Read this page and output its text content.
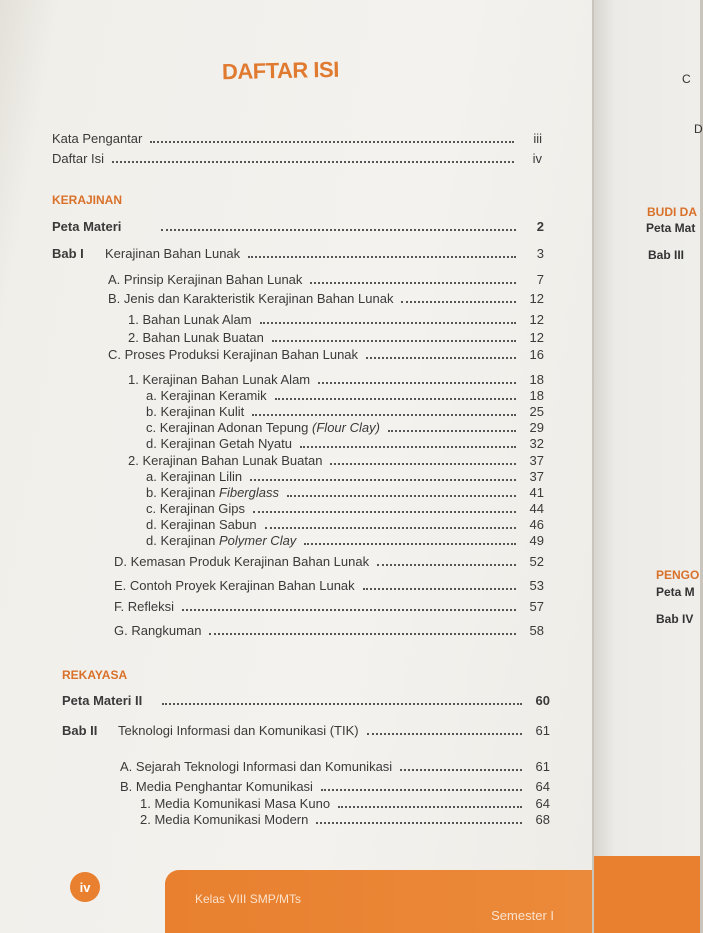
DAFTAR ISI
Kata Pengantar	iii
Daftar Isi	iv
KERAJINAN
Peta Materi	2
Bab I	Kerajinan Bahan Lunak	3
A. Prinsip Kerajinan Bahan Lunak	7
B. Jenis dan Karakteristik Kerajinan Bahan Lunak	12
1. Bahan Lunak Alam	12
2. Bahan Lunak Buatan	12
C. Proses Produksi Kerajinan Bahan Lunak	16
1. Kerajinan Bahan Lunak Alam	18
a. Kerajinan Keramik	18
b. Kerajinan Kulit	25
c. Kerajinan Adonan Tepung
(Flour Clay)	29
d. Kerajinan Getah Nyatu	32
2. Kerajinan Bahan Lunak Buatan	37
a. Kerajinan Lilin	37
b. Kerajinan
Fiberglass	41
c. Kerajinan Gips	44
d. Kerajinan Sabun	46
d. Kerajinan
Polymer Clay	49
D. Kemasan Produk Kerajinan Bahan Lunak	52
E. Contoh Proyek Kerajinan Bahan Lunak	53
F. Refleksi	57
G. Rangkuman	58
REKAYASA
Peta Materi II	60
Bab II	Teknologi Informasi dan Komunikasi (TIK)	61
A. Sejarah Teknologi Informasi dan Komunikasi	61
B. Media Penghantar Komunikasi	64
1. Media Komunikasi Masa Kuno	64
2. Media Komunikasi Modern	68
iv
Kelas VIII SMP/MTs
Semester I
C
D
BUDI DA
Peta Mat
Bab III
PENGO
Peta M
Bab IV
